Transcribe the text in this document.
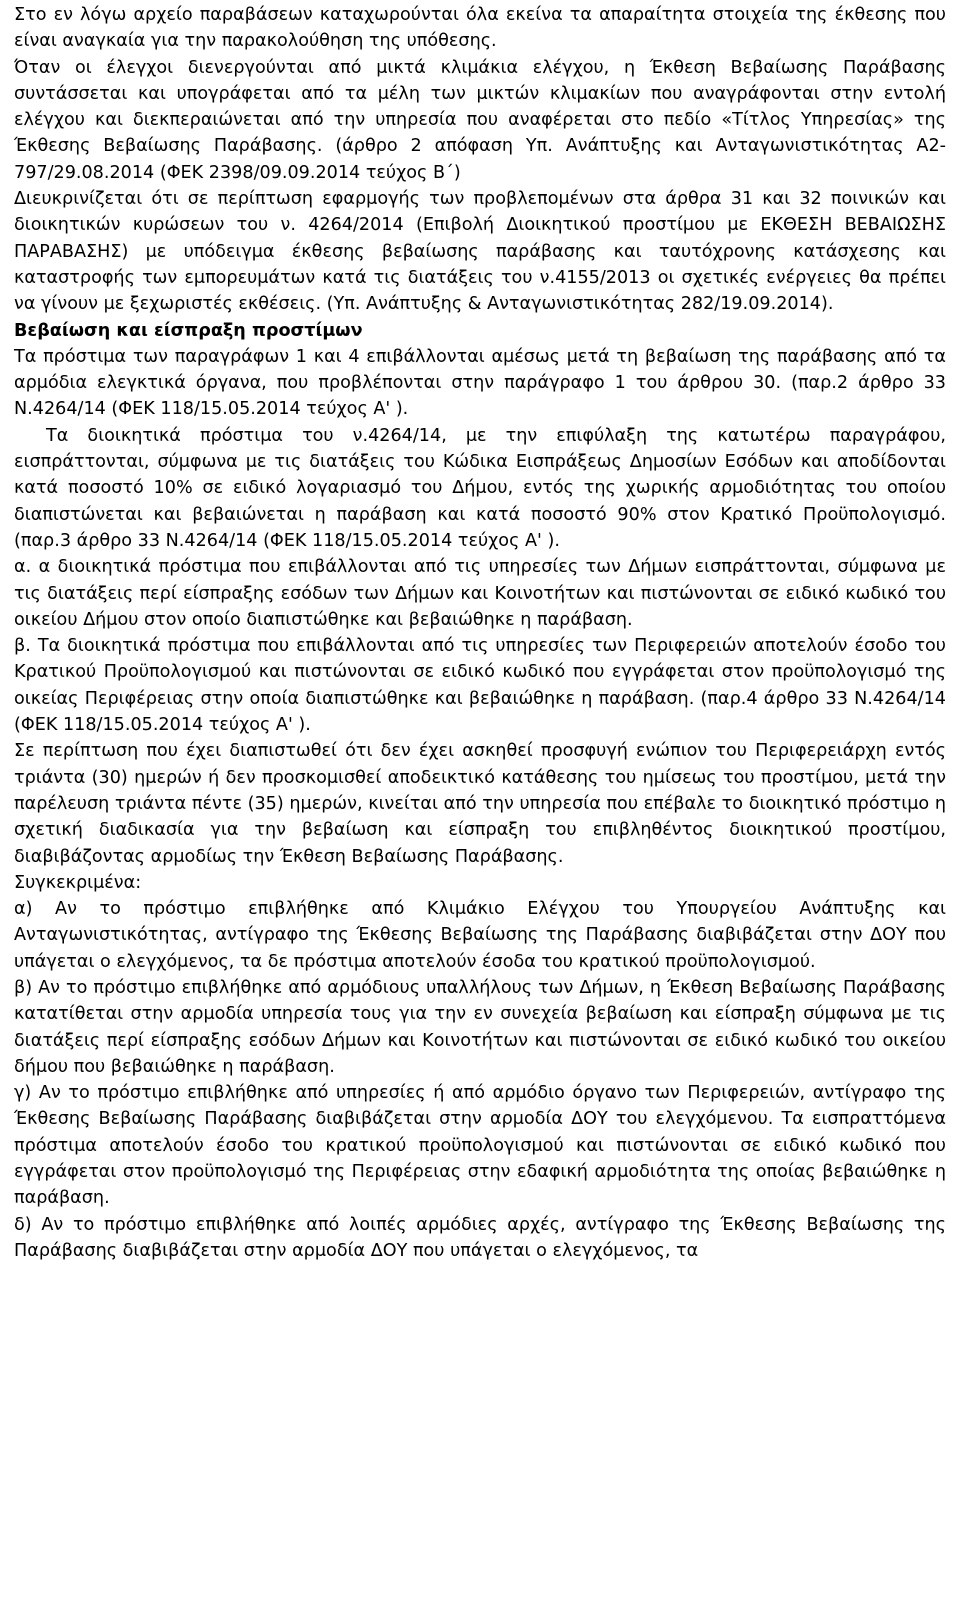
Στο εν λόγω αρχείο παραβάσεων καταχωρούνται όλα εκείνα τα απαραίτητα στοιχεία της έκθεσης που είναι αναγκαία για την παρακολούθηση της υπόθεσης.

Όταν οι έλεγχοι διενεργούνται από μικτά κλιμάκια ελέγχου, η Έκθεση Βεβαίωσης Παράβασης συντάσσεται και υπογράφεται από τα μέλη των μικτών κλιμακίων που αναγράφονται στην εντολή ελέγχου και διεκπεραιώνεται από την υπηρεσία που αναφέρεται στο πεδίο «Τίτλος Υπηρεσίας» της Έκθεσης Βεβαίωσης Παράβασης. (άρθρο 2 απόφαση Υπ. Ανάπτυξης και Ανταγωνιστικότητας Α2-797/29.08.2014 (ΦΕΚ 2398/09.09.2014 τεύχος Β΄)

Διευκρινίζεται ότι σε περίπτωση εφαρμογής των προβλεπομένων στα άρθρα 31 και 32 ποινικών και διοικητικών κυρώσεων του ν. 4264/2014 (Επιβολή Διοικητικού προστίμου με ΕΚΘΕΣΗ ΒΕΒΑΙΩΣΗΣ ΠΑΡΑΒΑΣΗΣ) με υπόδειγμα έκθεσης βεβαίωσης παράβασης και ταυτόχρονης κατάσχεσης και καταστροφής των εμπορευμάτων κατά τις διατάξεις του ν.4155/2013 οι σχετικές ενέργειες θα πρέπει να γίνουν με ξεχωριστές εκθέσεις. (Υπ. Ανάπτυξης & Ανταγωνιστικότητας 282/19.09.2014).

Βεβαίωση και είσπραξη προστίμων

Τα πρόστιμα των παραγράφων 1 και 4 επιβάλλονται αμέσως μετά τη βεβαίωση της παράβασης από τα αρμόδια ελεγκτικά όργανα, που προβλέπονται στην παράγραφο 1 του άρθρου 30. (παρ.2 άρθρο 33 Ν.4264/14 (ΦΕΚ 118/15.05.2014 τεύχος Α' ).

Τα διοικητικά πρόστιμα του ν.4264/14, με την επιφύλαξη της κατωτέρω παραγράφου, εισπράττονται, σύμφωνα με τις διατάξεις του Κώδικα Εισπράξεως Δημοσίων Εσόδων και αποδίδονται κατά ποσοστό 10% σε ειδικό λογαριασμό του Δήμου, εντός της χωρικής αρμοδιότητας του οποίου διαπιστώνεται και βεβαιώνεται η παράβαση και κατά ποσοστό 90% στον Κρατικό Προϋπολογισμό. (παρ.3 άρθρο 33 Ν.4264/14 (ΦΕΚ 118/15.05.2014 τεύχος Α' ).

α. α διοικητικά πρόστιμα που επιβάλλονται από τις υπηρεσίες των Δήμων εισπράττονται, σύμφωνα με τις διατάξεις περί είσπραξης εσόδων των Δήμων και Κοινοτήτων και πιστώνονται σε ειδικό κωδικό του οικείου Δήμου στον οποίο διαπιστώθηκε και βεβαιώθηκε η παράβαση.

β. Τα διοικητικά πρόστιμα που επιβάλλονται από τις υπηρεσίες των Περιφερειών αποτελούν έσοδο του Κρατικού Προϋπολογισμού και πιστώνονται σε ειδικό κωδικό που εγγράφεται στον προϋπολογισμό της οικείας Περιφέρειας στην οποία διαπιστώθηκε και βεβαιώθηκε η παράβαση. (παρ.4 άρθρο 33 Ν.4264/14 (ΦΕΚ 118/15.05.2014 τεύχος Α' ).

Σε περίπτωση που έχει διαπιστωθεί ότι δεν έχει ασκηθεί προσφυγή ενώπιον του Περιφερειάρχη εντός τριάντα (30) ημερών ή δεν προσκομισθεί αποδεικτικό κατάθεσης του ημίσεως του προστίμου, μετά την παρέλευση τριάντα πέντε (35) ημερών, κινείται από την υπηρεσία που επέβαλε το διοικητικό πρόστιμο η σχετική διαδικασία για την βεβαίωση και είσπραξη του επιβληθέντος διοικητικού προστίμου, διαβιβάζοντας αρμοδίως την Έκθεση Βεβαίωσης Παράβασης.

Συγκεκριμένα:

α) Αν το πρόστιμο επιβλήθηκε από Κλιμάκιο Ελέγχου του Υπουργείου Ανάπτυξης και Ανταγωνιστικότητας, αντίγραφο της Έκθεσης Βεβαίωσης της Παράβασης διαβιβάζεται στην ΔΟΥ που υπάγεται ο ελεγχόμενος, τα δε πρόστιμα αποτελούν έσοδα του κρατικού προϋπολογισμού.

β) Αν το πρόστιμο επιβλήθηκε από αρμόδιους υπαλλήλους των Δήμων, η Έκθεση Βεβαίωσης Παράβασης κατατίθεται στην αρμοδία υπηρεσία τους για την εν συνεχεία βεβαίωση και είσπραξη σύμφωνα με τις διατάξεις περί είσπραξης εσόδων Δήμων και Κοινοτήτων και πιστώνονται σε ειδικό κωδικό του οικείου δήμου που βεβαιώθηκε η παράβαση.

γ) Αν το πρόστιμο επιβλήθηκε από υπηρεσίες ή από αρμόδιο όργανο των Περιφερειών, αντίγραφο της Έκθεσης Βεβαίωσης Παράβασης διαβιβάζεται στην αρμοδία ΔΟΥ του ελεγχόμενου. Τα εισπραττόμενα πρόστιμα αποτελούν έσοδο του κρατικού προϋπολογισμού και πιστώνονται σε ειδικό κωδικό που εγγράφεται στον προϋπολογισμό της Περιφέρειας στην εδαφική αρμοδιότητα της οποίας βεβαιώθηκε η παράβαση.

δ) Αν το πρόστιμο επιβλήθηκε από λοιπές αρμόδιες αρχές, αντίγραφο της Έκθεσης Βεβαίωσης της Παράβασης διαβιβάζεται στην αρμοδία ΔΟΥ που υπάγεται ο ελεγχόμενος, τα
